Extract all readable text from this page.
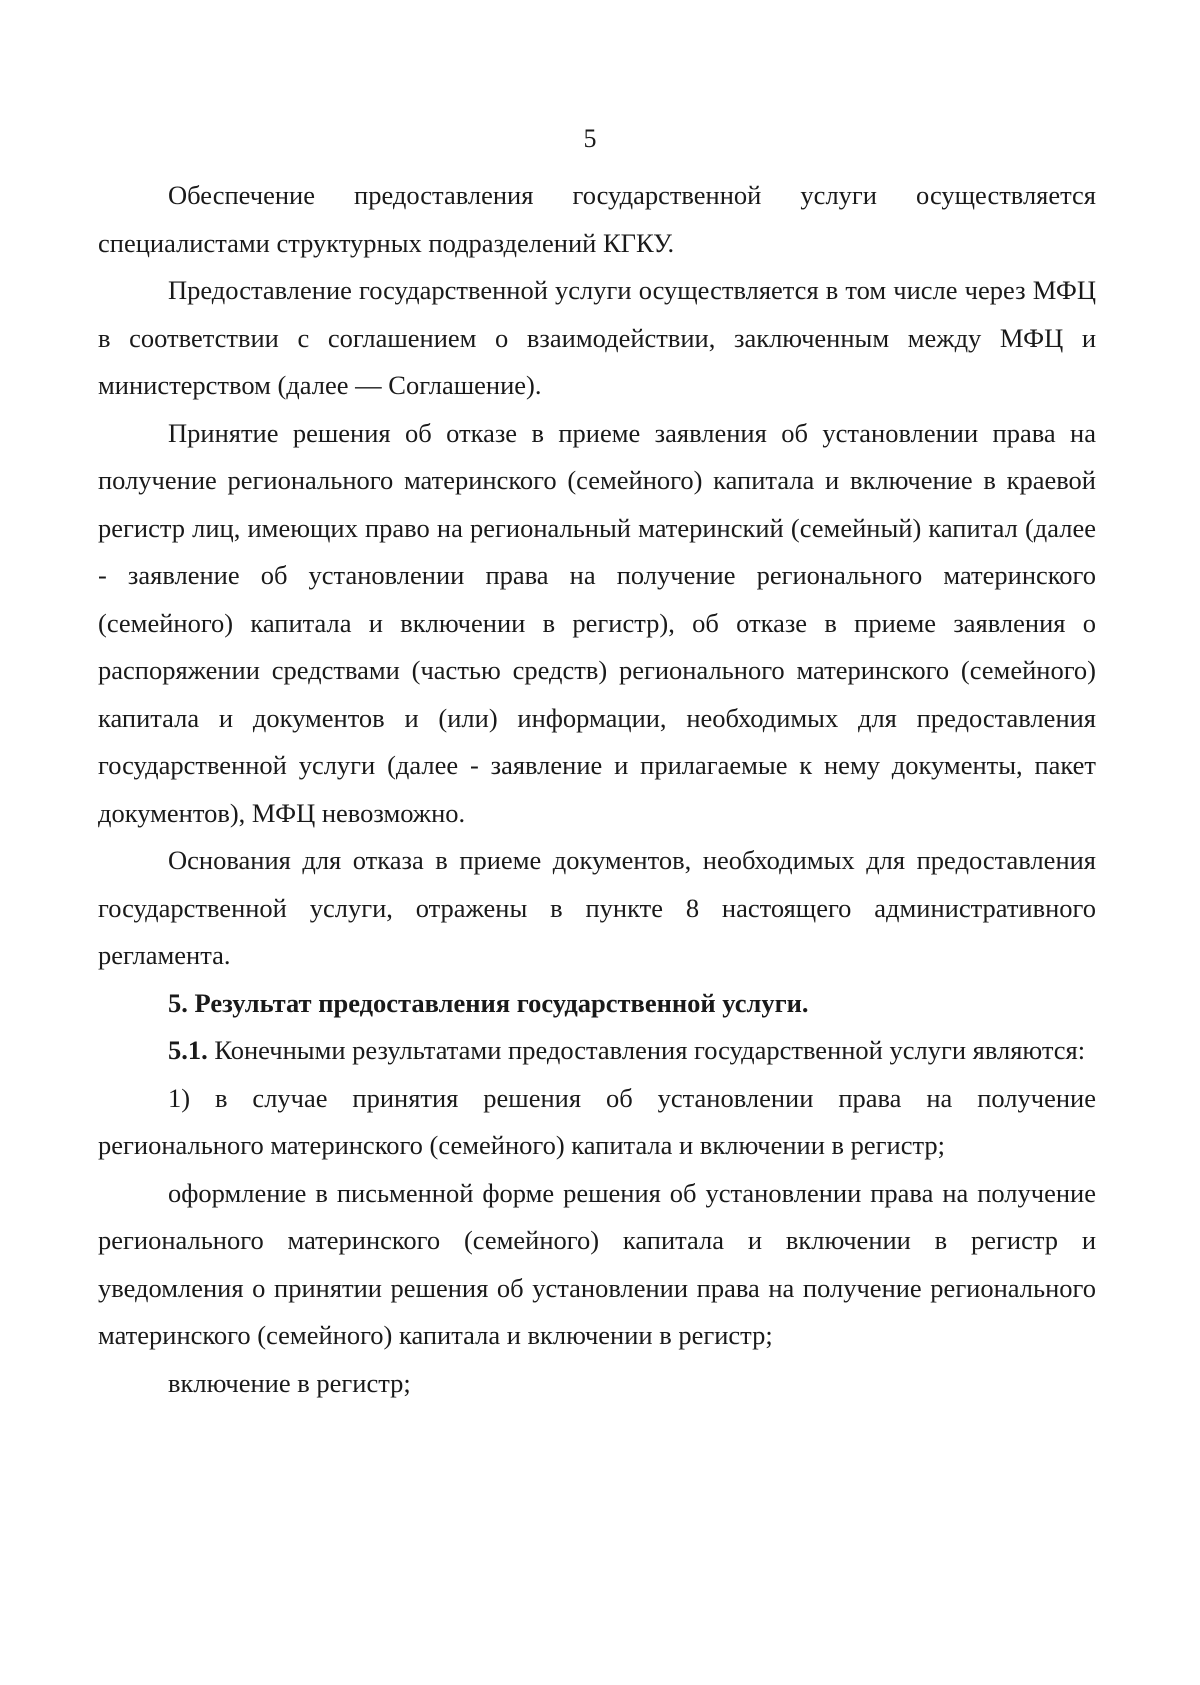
5

Обеспечение предоставления государственной услуги осуществляется специалистами структурных подразделений КГКУ.

Предоставление государственной услуги осуществляется в том числе через МФЦ в соответствии с соглашением о взаимодействии, заключенным между МФЦ и министерством (далее — Соглашение).

Принятие решения об отказе в приеме заявления об установлении права на получение регионального материнского (семейного) капитала и включение в краевой регистр лиц, имеющих право на региональный материнский (семейный) капитал (далее - заявление об установлении права на получение регионального материнского (семейного) капитала и включении в регистр), об отказе в приеме заявления о распоряжении средствами (частью средств) регионального материнского (семейного) капитала и документов и (или) информации, необходимых для предоставления государственной услуги (далее - заявление и прилагаемые к нему документы, пакет документов), МФЦ невозможно.

Основания для отказа в приеме документов, необходимых для предоставления государственной услуги, отражены в пункте 8 настоящего административного регламента.

5. Результат предоставления государственной услуги.

5.1. Конечными результатами предоставления государственной услуги являются:

1) в случае принятия решения об установлении права на получение регионального материнского (семейного) капитала и включении в регистр;

оформление в письменной форме решения об установлении права на получение регионального материнского (семейного) капитала и включении в регистр и уведомления о принятии решения об установлении права на получение регионального материнского (семейного) капитала и включении в регистр;

включение в регистр;
